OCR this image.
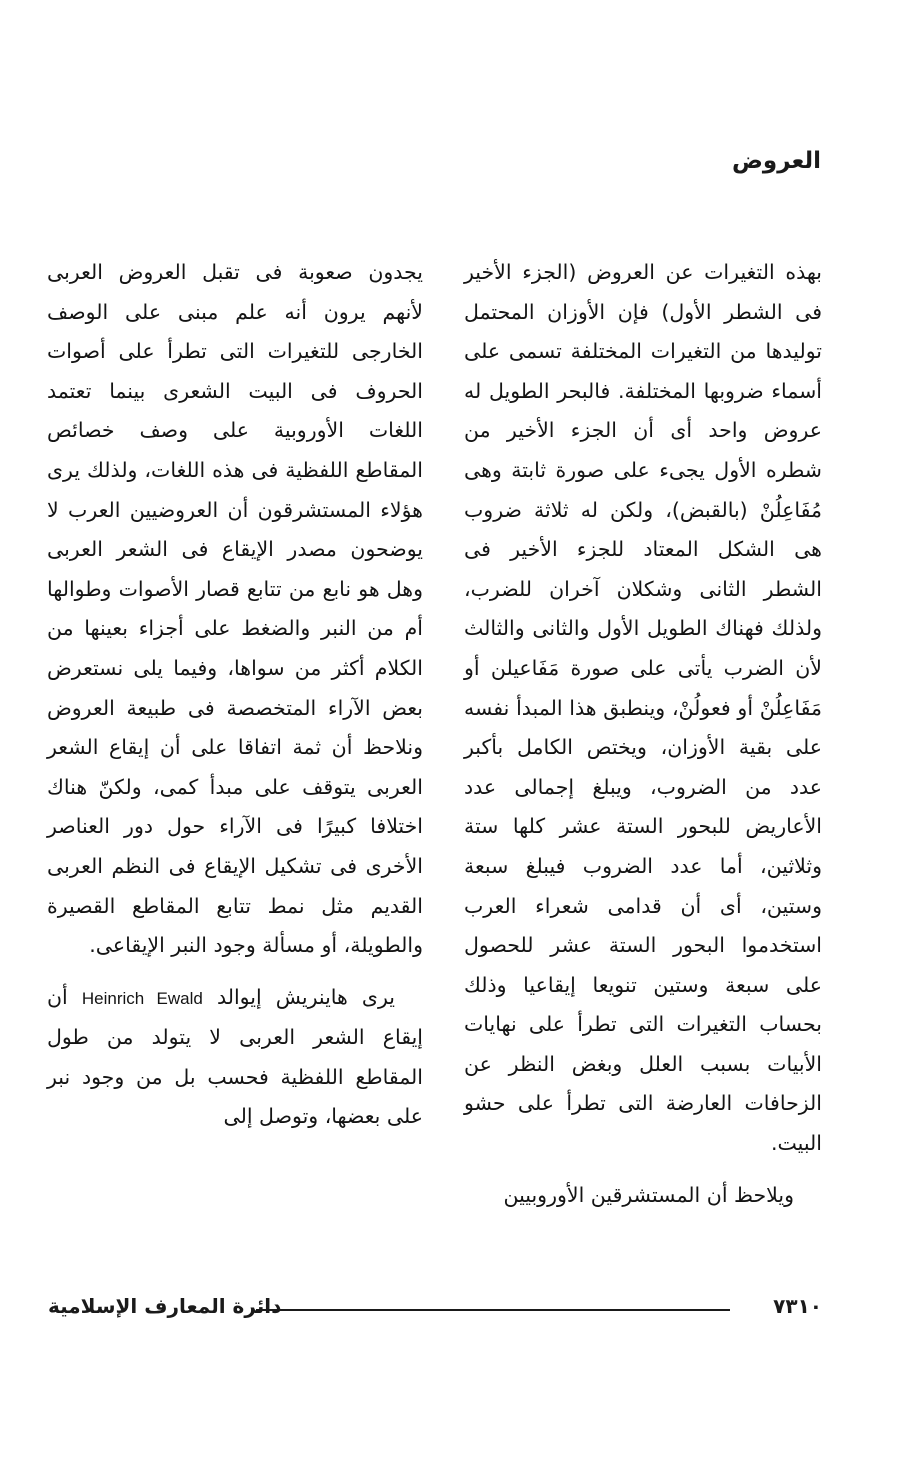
العروض

بهذه التغيرات عن العروض (الجزء الأخير فى الشطر الأول) فإن الأوزان المحتمل توليدها من التغيرات المختلفة تسمى على أسماء ضروبها المختلفة. فالبحر الطويل له عروض واحد أى أن الجزء الأخير من شطره الأول يجىء على صورة ثابتة وهى مُفَاعِلُنْ (بالقبض)، ولكن له ثلاثة ضروب هى الشكل المعتاد للجزء الأخير فى الشطر الثانى وشكلان آخران للضرب، ولذلك فهناك الطويل الأول والثانى والثالث لأن الضرب يأتى على صورة مَفَاعيلن أو مَفَاعِلُنْ أو فعولُنْ، وينطبق هذا المبدأ نفسه على بقية الأوزان، ويختص الكامل بأكبر عدد من الضروب، ويبلغ إجمالى عدد الأعاريض للبحور الستة عشر كلها ستة وثلاثين، أما عدد الضروب فيبلغ سبعة وستين، أى أن قدامى شعراء العرب استخدموا البحور الستة عشر للحصول على سبعة وستين تنويعا إيقاعيا وذلك بحساب التغيرات التى تطرأ على نهايات الأبيات بسبب العلل وبغض النظر عن الزحافات العارضة التى تطرأ على حشو البيت.

ويلاحظ أن المستشرقين الأوروبيين

يجدون صعوبة فى تقبل العروض العربى لأنهم يرون أنه علم مبنى على الوصف الخارجى للتغيرات التى تطرأ على أصوات الحروف فى البيت الشعرى بينما تعتمد اللغات الأوروبية على وصف خصائص المقاطع اللفظية فى هذه اللغات، ولذلك يرى هؤلاء المستشرقون أن العروضيين العرب لا يوضحون مصدر الإيقاع فى الشعر العربى وهل هو نابع من تتابع قصار الأصوات وطوالها أم من النبر والضغط على أجزاء بعينها من الكلام أكثر من سواها، وفيما يلى نستعرض بعض الآراء المتخصصة فى طبيعة العروض ونلاحظ أن ثمة اتفاقا على أن إيقاع الشعر العربى يتوقف على مبدأ كمى، ولكنّ هناك اختلافا كبيرًا فى الآراء حول دور العناصر الأخرى فى تشكيل الإيقاع فى النظم العربى القديم مثل نمط تتابع المقاطع القصيرة والطويلة، أو مسألة وجود النبر الإيقاعى.

يرى هاينريش إيوالد Heinrich Ewald أن إيقاع الشعر العربى لا يتولد من طول المقاطع اللفظية فحسب بل من وجود نبر على بعضها، وتوصل إلى

دائرة المعارف الإسلامية	٧٣١٠
